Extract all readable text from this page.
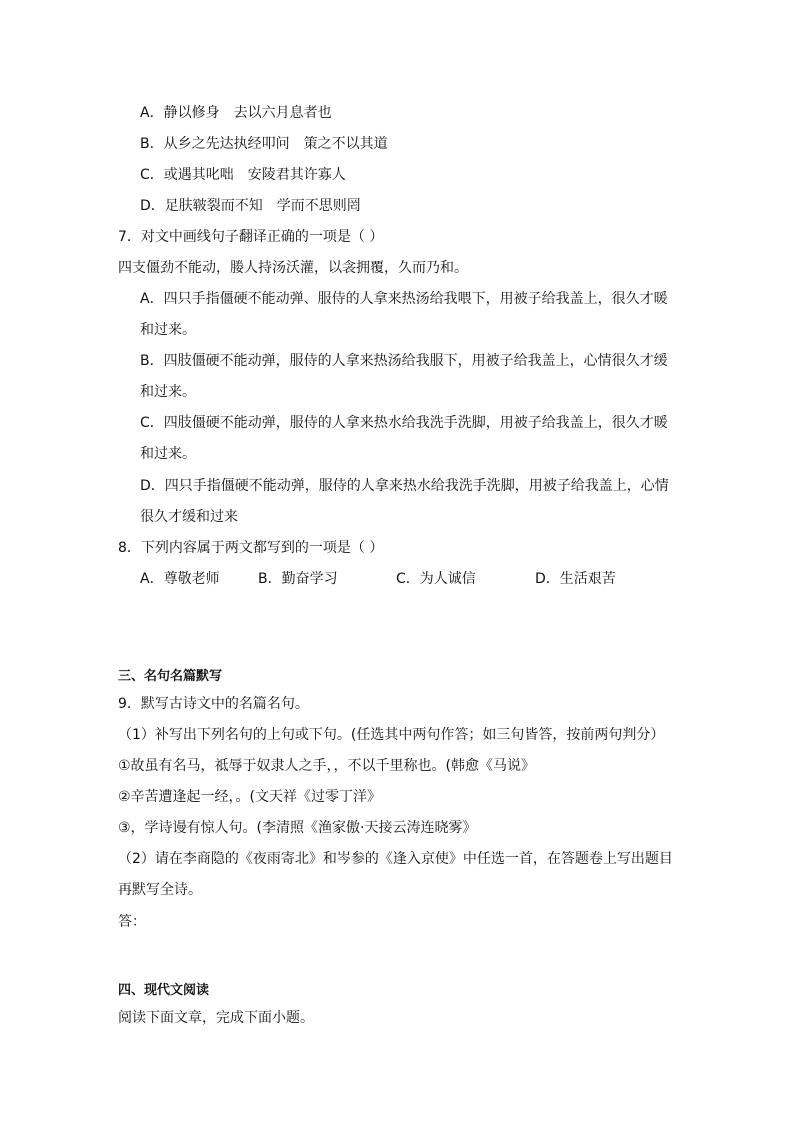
A．静以修身 去以六月息者也
B．从乡之先达执经叩问 策之不以其道
C．或遇其叱咄 安陵君其许寡人
D．足肤皲裂而不知 学而不思则罔
7．对文中画线句子翻译正确的一项是（ ）
四支僵劲不能动，媵人持汤沃灌，以衾拥覆，久而乃和。
A．四只手指僵硬不能动弹、服侍的人拿来热汤给我喂下，用被子给我盖上，很久才暖
和过来。
B．四肢僵硬不能动弹，服侍的人拿来热汤给我服下，用被子给我盖上，心情很久才缓
和过来。
C．四肢僵硬不能动弹，服侍的人拿来热水给我洗手洗脚，用被子给我盖上，很久才暖
和过来。
D．四只手指僵硬不能动弹，服侍的人拿来热水给我洗手洗脚，用被子给我盖上，心情
很久才缓和过来
8．下列内容属于两文都写到的一项是（ ）
A．尊敬老师	B．勤奋学习	C．为人诚信	D．生活艰苦
三、名句名篇默写
9．默写古诗文中的名篇名句。
（1）补写出下列名句的上句或下句。(任选其中两句作答；如三句皆答，按前两句判分）
①故虽有名马，祗辱于奴隶人之手，，不以千里称也。(韩愈《马说》
②辛苦遭逢起一经，。(文天祥《过零丁洋》
③，学诗谩有惊人句。(李清照《渔家傲·天接云涛连晓雾》
（2）请在李商隐的《夜雨寄北》和岑参的《逢入京使》中任选一首，在答题卷上写出题目
再默写全诗。
答：
四、现代文阅读
阅读下面文章，完成下面小题。
